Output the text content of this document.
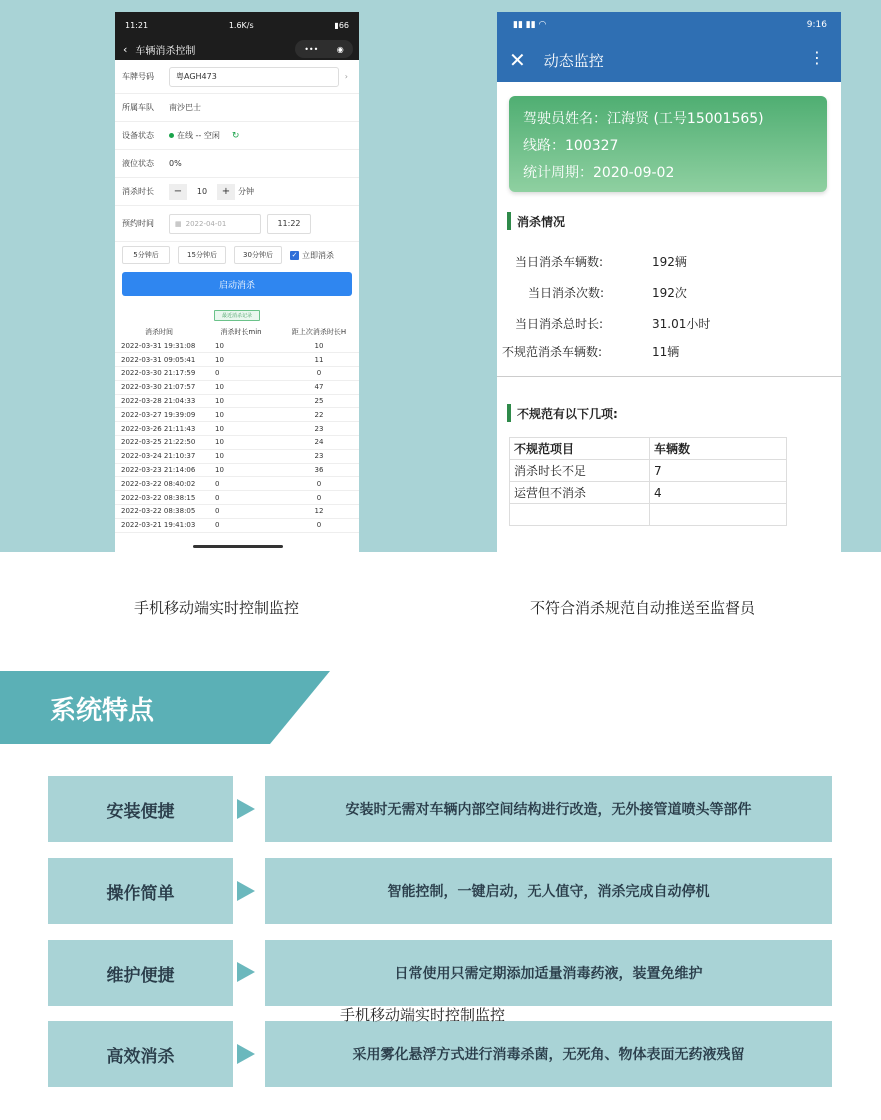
11:21	1.6K/s	▮66
‹ 车辆消杀控制	••• ◉
车牌号码	粤AGH473	›
所属车队	南沙巴士
设备状态	在线 -- 空闲 ↻
液位状态	0%
消杀时长	−	10	+ 分钟
预约时间	▦ 2022-04-01	11:22
5分钟后	15分钟后	30分钟后	✓ 立即消杀
启动消杀
最近消杀记录
消杀时间	消杀时长min	距上次消杀时长H
2022-03-31 19:31:08	10	10
2022-03-31 09:05:41	10	11
2022-03-30 21:17:59	0	0
2022-03-30 21:07:57	10	47
2022-03-28 21:04:33	10	25
2022-03-27 19:39:09	10	22
2022-03-26 21:11:43	10	23
2022-03-25 21:22:50	10	24
2022-03-24 21:10:37	10	23
2022-03-23 21:14:06	10	36
2022-03-22 08:40:02	0	0
2022-03-22 08:38:15	0	0
2022-03-22 08:38:05	0	12
2022-03-21 19:41:03	0	0
▮▮ ▮▮ ◠	9:16
✕ 动态监控	⋮
驾驶员姓名：江海贤 (工号15001565)
线路：100327
统计周期：2020-09-02
消杀情况
当日消杀车辆数:	192辆
当日消杀次数:	192次
当日消杀总时长:	31.01小时
不规范消杀车辆数:	11辆
不规范有以下几项:
不规范项目	车辆数
消杀时长不足	7
运营但不消杀	4

手机移动端实时控制监控	不符合消杀规范自动推送至监督员
系统特点
安装便捷	安装时无需对车辆内部空间结构进行改造，无外接管道喷头等部件
操作简单	智能控制，一键启动，无人值守，消杀完成自动停机
维护便捷	日常使用只需定期添加适量消毒药液，装置免维护
高效消杀	采用雾化悬浮方式进行消毒杀菌，无死角、物体表面无药液残留
手机移动端实时控制监控
